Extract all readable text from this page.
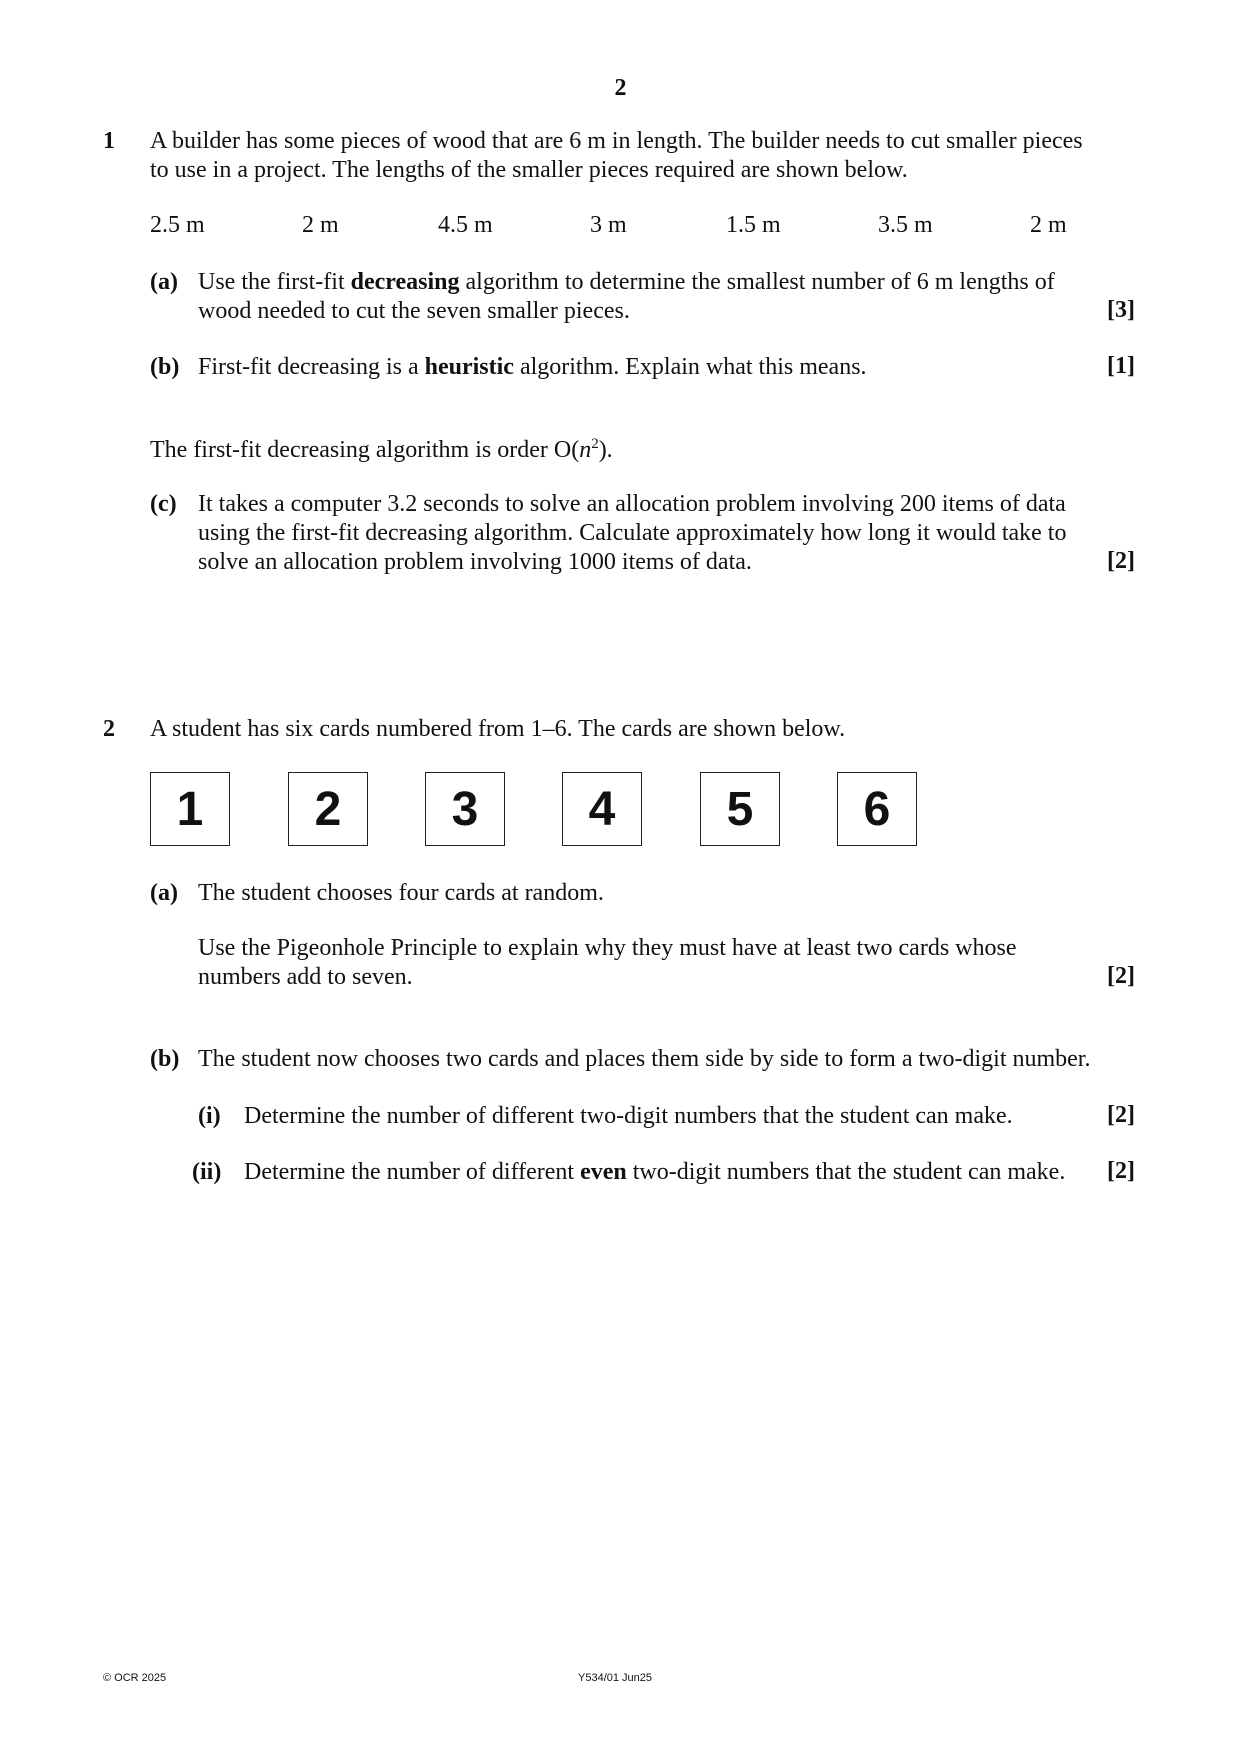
2
1 A builder has some pieces of wood that are 6 m in length. The builder needs to cut smaller pieces
to use in a project. The lengths of the smaller pieces required are shown below.
2.5 m	2 m	4.5 m	3 m	1.5 m	3.5 m	2 m
(a) Use the first-fit decreasing algorithm to determine the smallest number of 6 m lengths of
wood needed to cut the seven smaller pieces.	[3]
(b) First-fit decreasing is a heuristic algorithm. Explain what this means.	[1]
The first-fit decreasing algorithm is order $O(n^2)$.
(c) It takes a computer 3.2 seconds to solve an allocation problem involving 200 items of data
using the first-fit decreasing algorithm. Calculate approximately how long it would take to
solve an allocation problem involving 1000 items of data.	[2]
2 A student has six cards numbered from 1–6. The cards are shown below.
1	2	3	4	5	6
(a) The student chooses four cards at random.
Use the Pigeonhole Principle to explain why they must have at least two cards whose
numbers add to seven.	[2]
(b) The student now chooses two cards and places them side by side to form a two-digit number.
(i) Determine the number of different two-digit numbers that the student can make.	[2]
(ii) Determine the number of different even two-digit numbers that the student can make. [2]
© OCR 2025	Y534/01 Jun25
